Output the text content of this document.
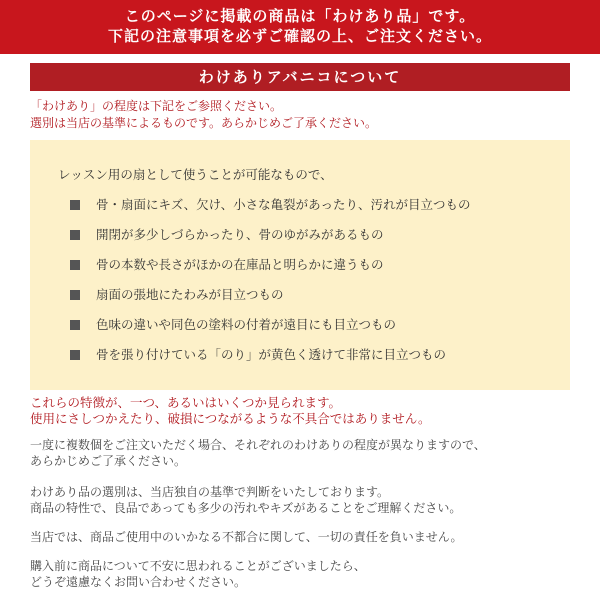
このページに掲載の商品は「わけあり品」です。
下記の注意事項を必ずご確認の上、ご注文ください。
わけありアバニコについて
「わけあり」の程度は下記をご参照ください。
選別は当店の基準によるものです。あらかじめご了承ください。
レッスン用の扇として使うことが可能なもので、
骨・扇面にキズ、欠け、小さな亀裂があったり、汚れが目立つもの
開閉が多少しづらかったり、骨のゆがみがあるもの
骨の本数や長さがほかの在庫品と明らかに違うもの
扇面の張地にたわみが目立つもの
色味の違いや同色の塗料の付着が遠目にも目立つもの
骨を張り付けている「のり」が黄色く透けて非常に目立つもの
これらの特徴が、一つ、あるいはいくつか見られます。
使用にさしつかえたり、破損につながるような不具合ではありません。
一度に複数個をご注文いただく場合、それぞれのわけありの程度が異なりますので、
あらかじめご了承ください。
わけあり品の選別は、当店独自の基準で判断をいたしております。
商品の特性で、良品であっても多少の汚れやキズがあることをご理解ください。
当店では、商品ご使用中のいかなる不都合に関して、一切の責任を負いません。
購入前に商品について不安に思われることがございましたら、
どうぞ遠慮なくお問い合わせください。
